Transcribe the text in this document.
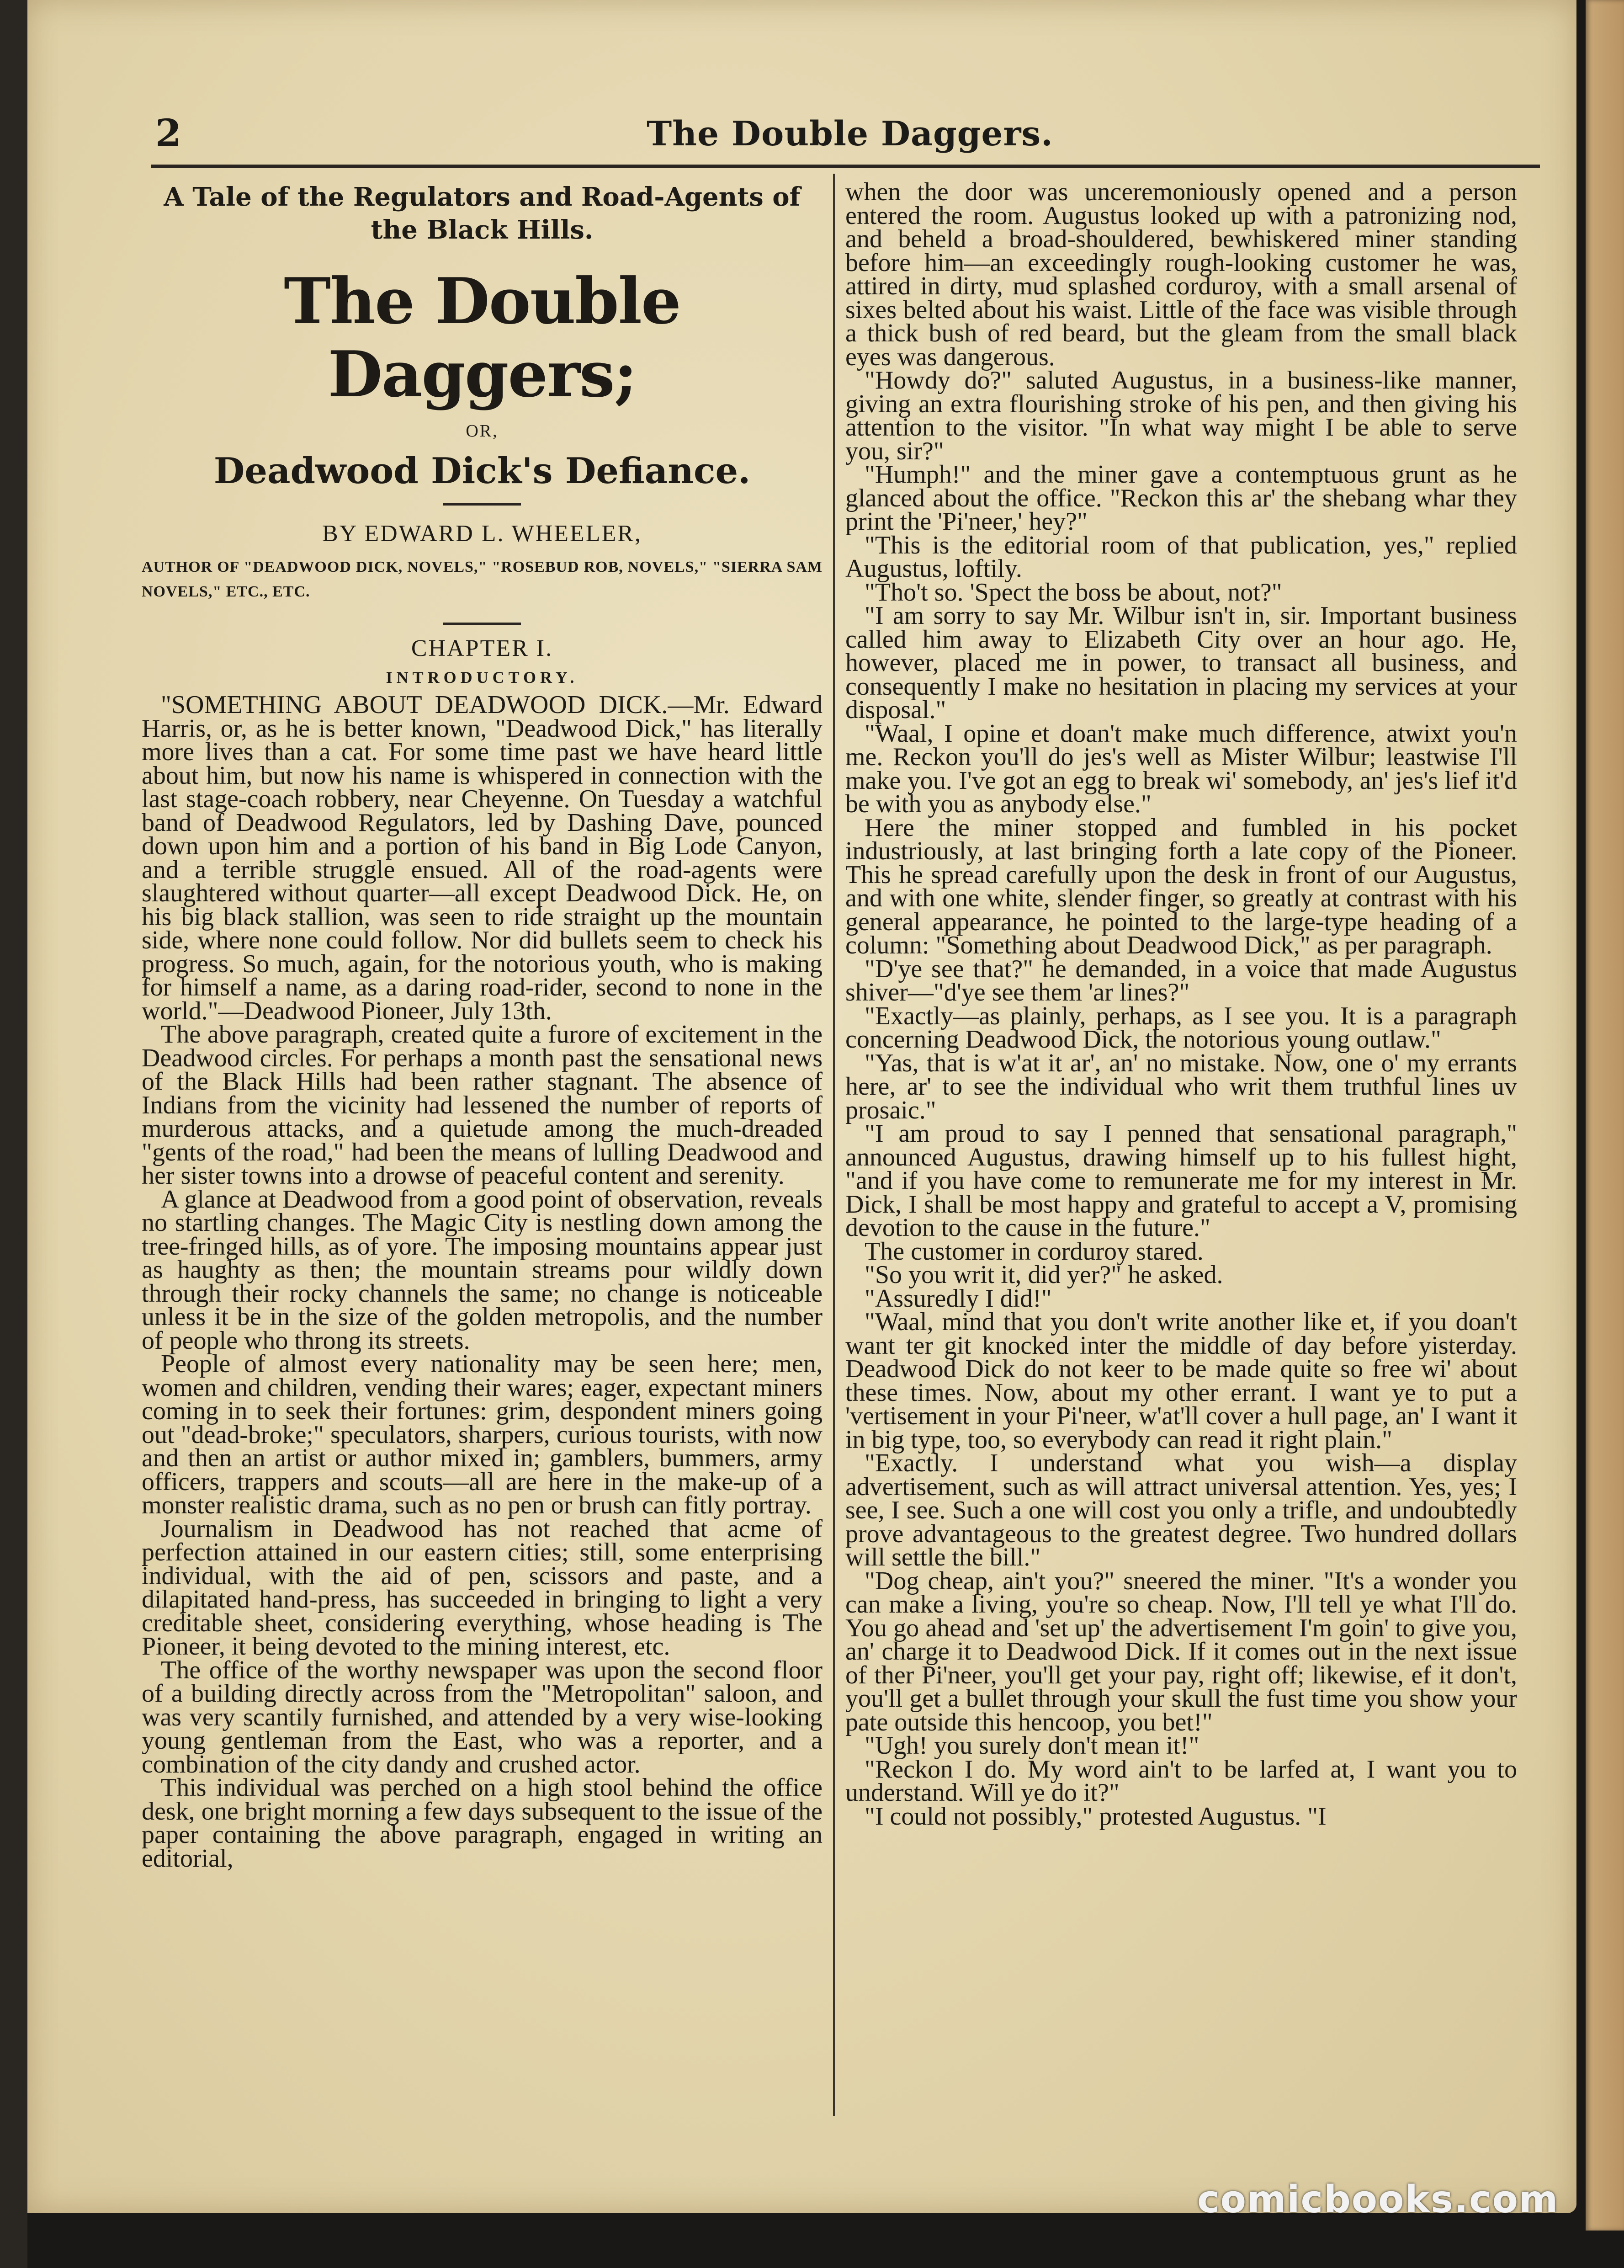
2	The Double Daggers.
A Tale of the Regulators and Road-Agents of the Black Hills.
The Double Daggers;
OR,
Deadwood Dick's Defiance.
BY EDWARD L. WHEELER,
AUTHOR OF "DEADWOOD DICK, NOVELS," "ROSEBUD ROB, NOVELS," "SIERRA SAM NOVELS," ETC., ETC.
CHAPTER I.
INTRODUCTORY.

"SOMETHING ABOUT DEADWOOD DICK.—Mr. Edward Harris, or, as he is better known, "Deadwood Dick," has literally more lives than a cat. For some time past we have heard little about him, but now his name is whispered in connection with the last stage-coach robbery, near Cheyenne. On Tuesday a watchful band of Deadwood Regulators, led by Dashing Dave, pounced down upon him and a portion of his band in Big Lode Canyon, and a terrible struggle ensued. All of the road-agents were slaughtered without quarter—all except Deadwood Dick. He, on his big black stallion, was seen to ride straight up the mountain side, where none could follow. Nor did bullets seem to check his progress. So much, again, for the notorious youth, who is making for himself a name, as a daring road-rider, second to none in the world."—Deadwood Pioneer, July 13th.

The above paragraph, created quite a furore of excitement in the Deadwood circles. For perhaps a month past the sensational news of the Black Hills had been rather stagnant. The absence of Indians from the vicinity had lessened the number of reports of murderous attacks, and a quietude among the much-dreaded "gents of the road," had been the means of lulling Deadwood and her sister towns into a drowse of peaceful content and serenity.

A glance at Deadwood from a good point of observation, reveals no startling changes. The Magic City is nestling down among the tree-fringed hills, as of yore. The imposing mountains appear just as haughty as then; the mountain streams pour wildly down through their rocky channels the same; no change is noticeable unless it be in the size of the golden metropolis, and the number of people who throng its streets.

People of almost every nationality may be seen here; men, women and children, vending their wares; eager, expectant miners coming in to seek their fortunes: grim, despondent miners going out "dead-broke;" speculators, sharpers, curious tourists, with now and then an artist or author mixed in; gamblers, bummers, army officers, trappers and scouts—all are here in the make-up of a monster realistic drama, such as no pen or brush can fitly portray.

Journalism in Deadwood has not reached that acme of perfection attained in our eastern cities; still, some enterprising individual, with the aid of pen, scissors and paste, and a dilapitated hand-press, has succeeded in bringing to light a very creditable sheet, considering everything, whose heading is The Pioneer, it being devoted to the mining interest, etc.

The office of the worthy newspaper was upon the second floor of a building directly across from the "Metropolitan" saloon, and was very scantily furnished, and attended by a very wise-looking young gentleman from the East, who was a reporter, and a combination of the city dandy and crushed actor.

This individual was perched on a high stool behind the office desk, one bright morning a few days subsequent to the issue of the paper containing the above paragraph, engaged in writing an editorial,

when the door was unceremoniously opened and a person entered the room. Augustus looked up with a patronizing nod, and beheld a broad-shouldered, bewhiskered miner standing before him—an exceedingly rough-looking customer he was, attired in dirty, mud splashed corduroy, with a small arsenal of sixes belted about his waist. Little of the face was visible through a thick bush of red beard, but the gleam from the small black eyes was dangerous.

"Howdy do?" saluted Augustus, in a business-like manner, giving an extra flourishing stroke of his pen, and then giving his attention to the visitor. "In what way might I be able to serve you, sir?"

"Humph!" and the miner gave a contemptuous grunt as he glanced about the office. "Reckon this ar' the shebang whar they print the 'Pi'neer,' hey?"

"This is the editorial room of that publication, yes," replied Augustus, loftily.

"Tho't so. 'Spect the boss be about, not?"

"I am sorry to say Mr. Wilbur isn't in, sir. Important business called him away to Elizabeth City over an hour ago. He, however, placed me in power, to transact all business, and consequently I make no hesitation in placing my services at your disposal."

"Waal, I opine et doan't make much difference, atwixt you'n me. Reckon you'll do jes's well as Mister Wilbur; leastwise I'll make you. I've got an egg to break wi' somebody, an' jes's lief it'd be with you as anybody else."

Here the miner stopped and fumbled in his pocket industriously, at last bringing forth a late copy of the Pioneer. This he spread carefully upon the desk in front of our Augustus, and with one white, slender finger, so greatly at contrast with his general appearance, he pointed to the large-type heading of a column: "Something about Deadwood Dick," as per paragraph.

"D'ye see that?" he demanded, in a voice that made Augustus shiver—"d'ye see them 'ar lines?"

"Exactly—as plainly, perhaps, as I see you. It is a paragraph concerning Deadwood Dick, the notorious young outlaw."

"Yas, that is w'at it ar', an' no mistake. Now, one o' my errants here, ar' to see the individual who writ them truthful lines uv prosaic."

"I am proud to say I penned that sensational paragraph," announced Augustus, drawing himself up to his fullest hight, "and if you have come to remunerate me for my interest in Mr. Dick, I shall be most happy and grateful to accept a V, promising devotion to the cause in the future."

The customer in corduroy stared.

"So you writ it, did yer?" he asked.

"Assuredly I did!"

"Waal, mind that you don't write another like et, if you doan't want ter git knocked inter the middle of day before yisterday. Deadwood Dick do not keer to be made quite so free wi' about these times. Now, about my other errant. I want ye to put a 'vertisement in your Pi'neer, w'at'll cover a hull page, an' I want it in big type, too, so everybody can read it right plain."

"Exactly. I understand what you wish—a display advertisement, such as will attract universal attention. Yes, yes; I see, I see. Such a one will cost you only a trifle, and undoubtedly prove advantageous to the greatest degree. Two hundred dollars will settle the bill."

"Dog cheap, ain't you?" sneered the miner. "It's a wonder you can make a living, you're so cheap. Now, I'll tell ye what I'll do. You go ahead and 'set up' the advertisement I'm goin' to give you, an' charge it to Deadwood Dick. If it comes out in the next issue of ther Pi'neer, you'll get your pay, right off; likewise, ef it don't, you'll get a bullet through your skull the fust time you show your pate outside this hencoop, you bet!"

"Ugh! you surely don't mean it!"

"Reckon I do. My word ain't to be larfed at, I want you to understand. Will ye do it?"

"I could not possibly," protested Augustus. "I

comicbooks.com
